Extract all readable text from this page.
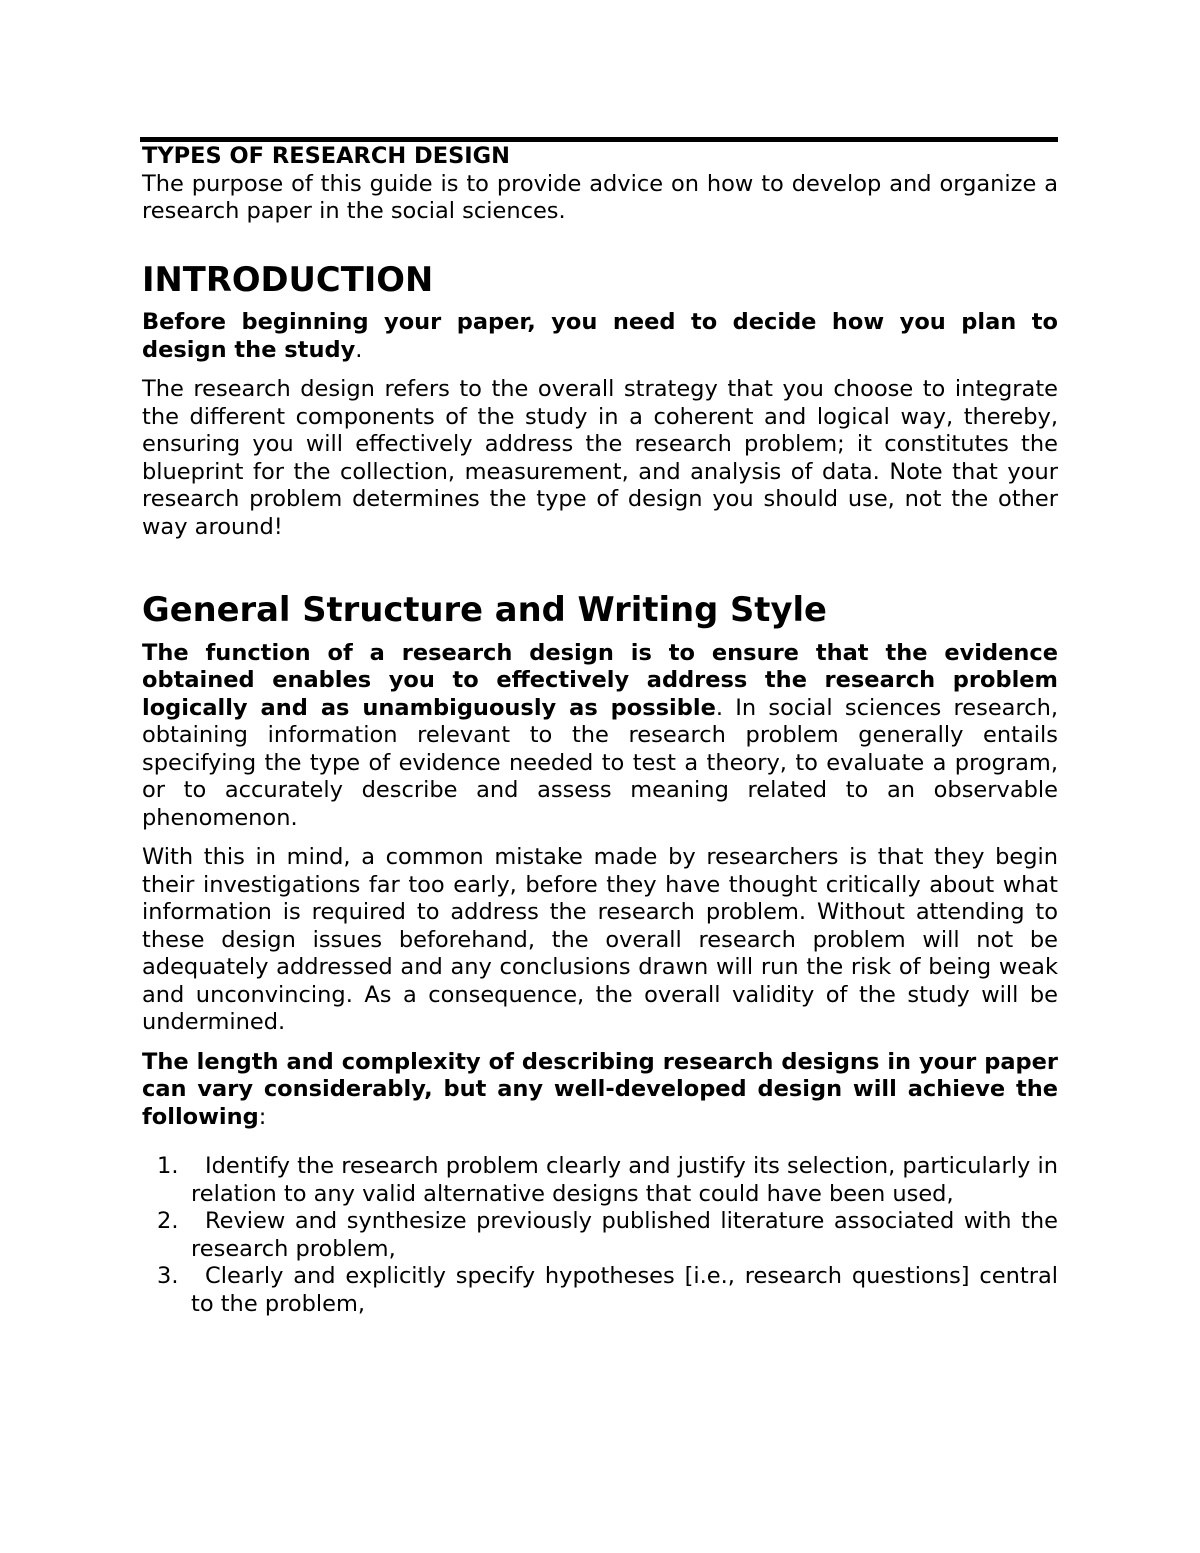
TYPES OF RESEARCH DESIGN

The purpose of this guide is to provide advice on how to develop and organize a research paper in the social sciences.

INTRODUCTION

Before beginning your paper, you need to decide how you plan to design the study.

The research design refers to the overall strategy that you choose to integrate the different components of the study in a coherent and logical way, thereby, ensuring you will effectively address the research problem; it constitutes the blueprint for the collection, measurement, and analysis of data. Note that your research problem determines the type of design you should use, not the other way around!

General Structure and Writing Style

The function of a research design is to ensure that the evidence obtained enables you to effectively address the research problem logically and as unambiguously as possible. In social sciences research, obtaining information relevant to the research problem generally entails specifying the type of evidence needed to test a theory, to evaluate a program, or to accurately describe and assess meaning related to an observable phenomenon.

With this in mind, a common mistake made by researchers is that they begin their investigations far too early, before they have thought critically about what information is required to address the research problem. Without attending to these design issues beforehand, the overall research problem will not be adequately addressed and any conclusions drawn will run the risk of being weak and unconvincing. As a consequence, the overall validity of the study will be undermined.

The length and complexity of describing research designs in your paper can vary considerably, but any well-developed design will achieve the following:

1.	Identify the research problem clearly and justify its selection, particularly in relation to any valid alternative designs that could have been used,
2.	Review and synthesize previously published literature associated with the research problem,
3.	Clearly and explicitly specify hypotheses [i.e., research questions] central to the problem,
